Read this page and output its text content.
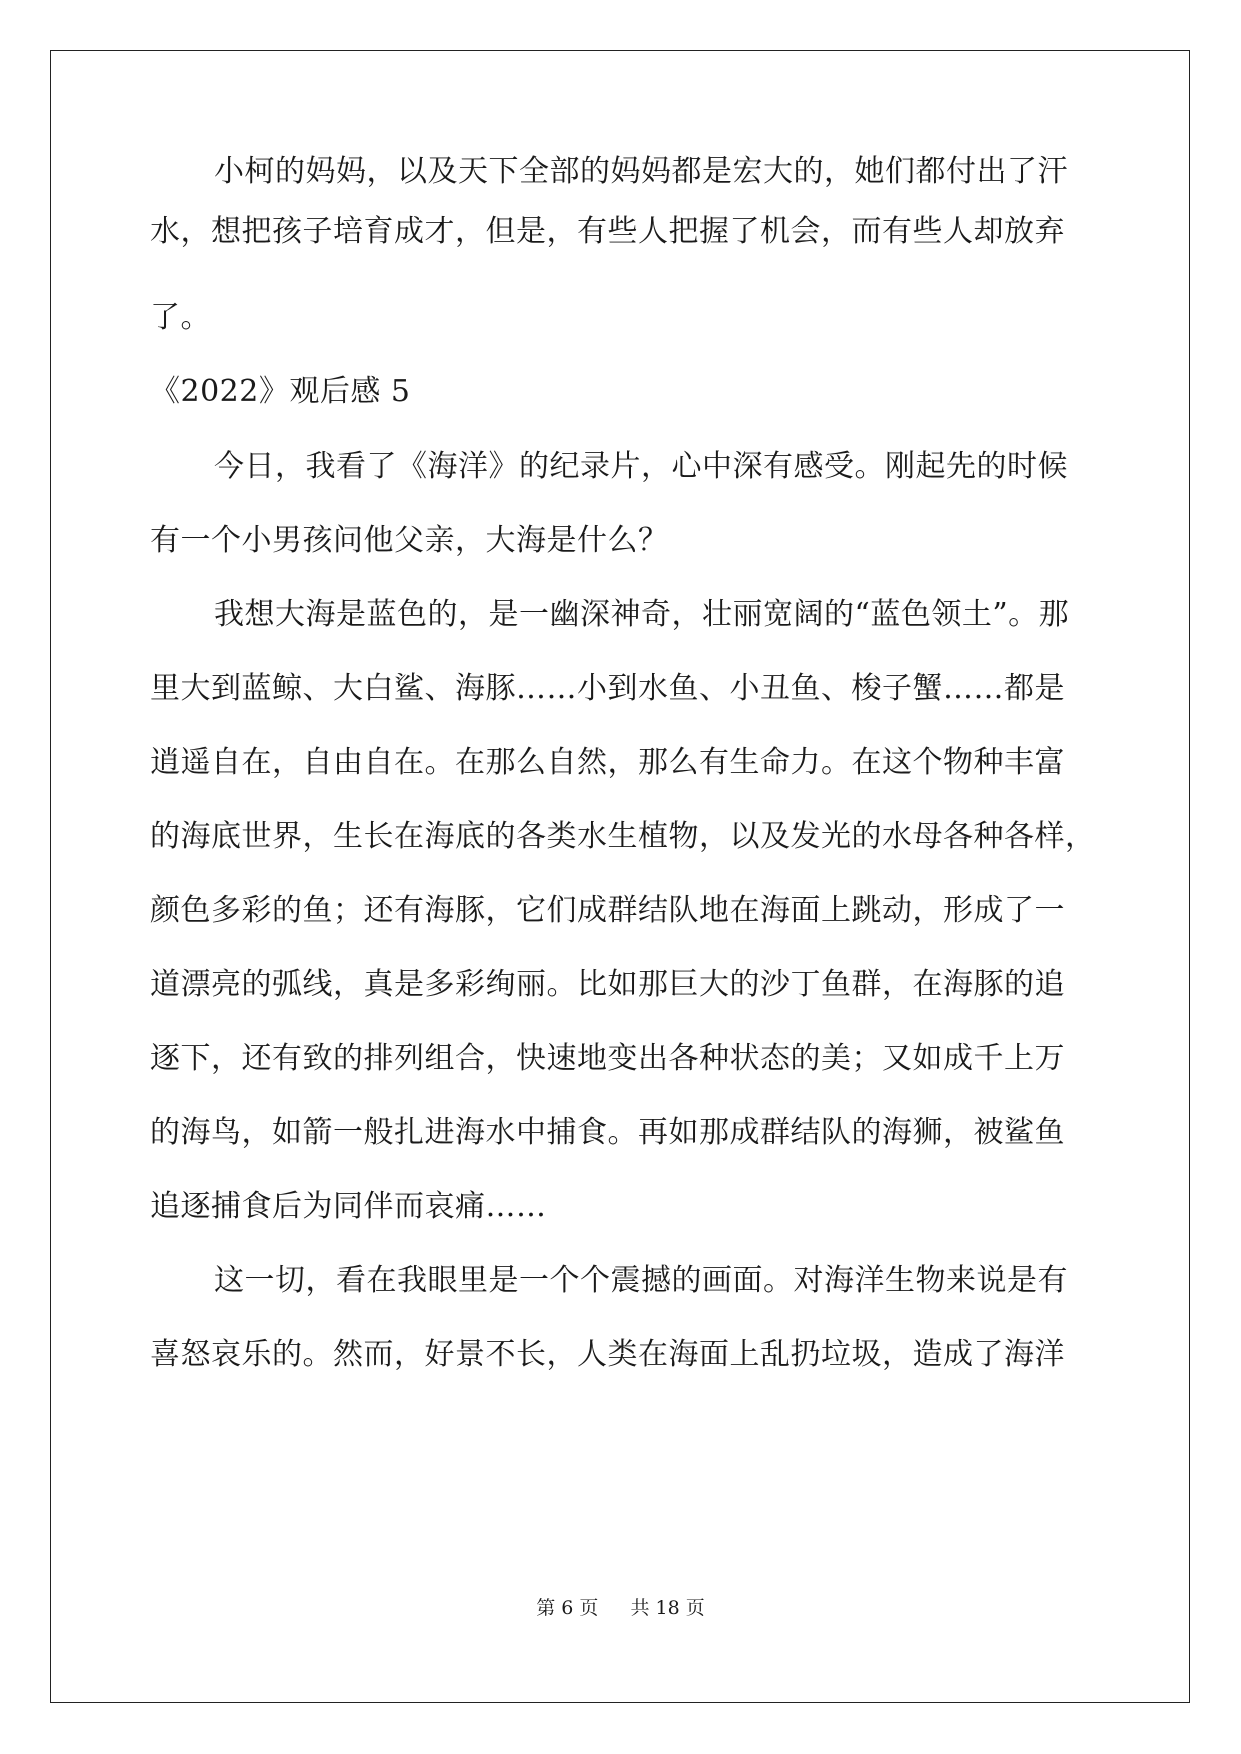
小柯的妈妈，以及天下全部的妈妈都是宏大的，她们都付出了汗
水，想把孩子培育成才，但是，有些人把握了机会，而有些人却放弃
了。
《2022》观后感 5
今日，我看了《海洋》的纪录片，心中深有感受。刚起先的时候
有一个小男孩问他父亲，大海是什么？
我想大海是蓝色的，是一幽深神奇，壮丽宽阔的“蓝色领土”。那
里大到蓝鲸、大白鲨、海豚……小到水鱼、小丑鱼、梭子蟹……都是
逍遥自在，自由自在。在那么自然，那么有生命力。在这个物种丰富
的海底世界，生长在海底的各类水生植物，以及发光的水母各种各样，
颜色多彩的鱼；还有海豚，它们成群结队地在海面上跳动，形成了一
道漂亮的弧线，真是多彩绚丽。比如那巨大的沙丁鱼群，在海豚的追
逐下，还有致的排列组合，快速地变出各种状态的美；又如成千上万
的海鸟，如箭一般扎进海水中捕食。再如那成群结队的海狮，被鲨鱼
追逐捕食后为同伴而哀痛……
这一切，看在我眼里是一个个震撼的画面。对海洋生物来说是有
喜怒哀乐的。然而，好景不长，人类在海面上乱扔垃圾，造成了海洋
第 6 页 共 18 页
